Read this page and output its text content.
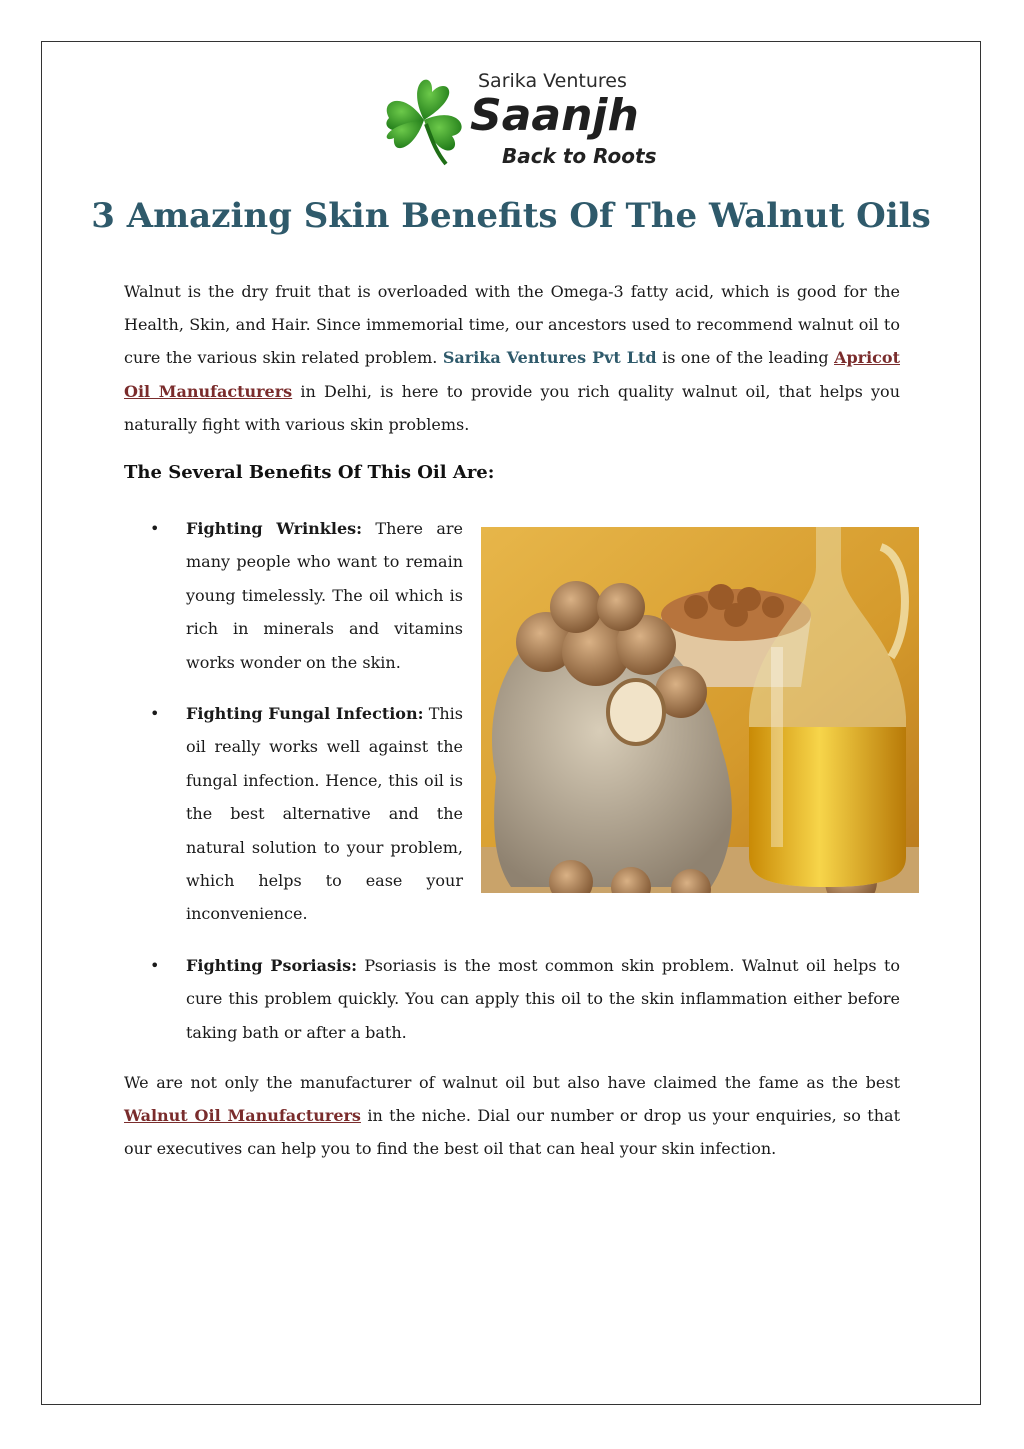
Sarika Ventures
Saanjh
Back to Roots
3 Amazing Skin Benefits Of The Walnut Oils

Walnut is the dry fruit that is overloaded with the Omega-3 fatty acid, which is good for the Health, Skin, and Hair. Since immemorial time, our ancestors used to recommend walnut oil to cure the various skin related problem. Sarika Ventures Pvt Ltd is one of the leading Apricot Oil Manufacturers in Delhi, is here to provide you rich quality walnut oil, that helps you naturally fight with various skin problems.

The Several Benefits Of This Oil Are:
•	Fighting Wrinkles: There are many people who want to remain young timelessly. The oil which is rich in minerals and vitamins works wonder on the skin.

•	Fighting Fungal Infection: This oil really works well against the fungal infection. Hence, this oil is the best alternative and the natural solution to your problem, which helps to ease your inconvenience.

•	Fighting Psoriasis: Psoriasis is the most common skin problem. Walnut oil helps to cure this problem quickly. You can apply this oil to the skin inflammation either before taking bath or after a bath.

We are not only the manufacturer of walnut oil but also have claimed the fame as the best Walnut Oil Manufacturers in the niche. Dial our number or drop us your enquiries, so that our executives can help you to find the best oil that can heal your skin infection.
